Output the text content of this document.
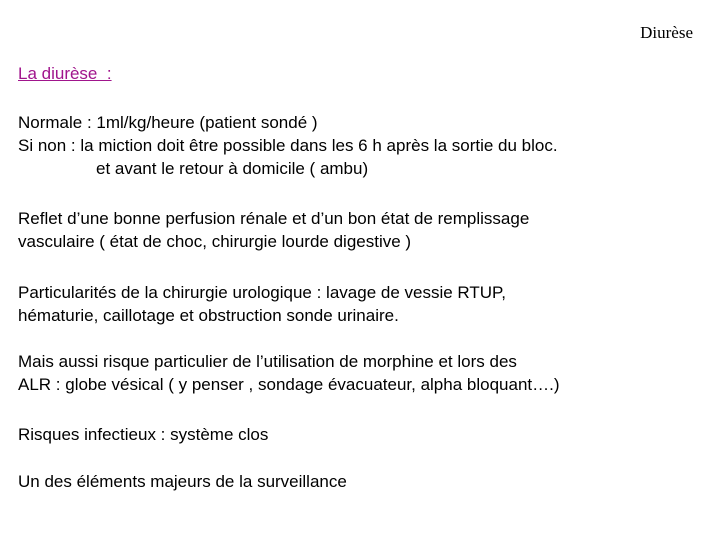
Diurèse
La diurèse  :
Normale : 1ml/kg/heure (patient sondé )
Si non : la miction doit être possible dans les 6 h après la sortie du bloc.
et avant le retour à domicile ( ambu)
Reflet d’une bonne perfusion rénale et d’un bon état de remplissage
vasculaire ( état de choc, chirurgie lourde digestive )
Particularités de la chirurgie urologique : lavage de vessie RTUP,
hématurie, caillotage et obstruction sonde urinaire.
Mais aussi risque particulier de l’utilisation de morphine et lors des
ALR : globe vésical ( y penser , sondage évacuateur, alpha bloquant….)
Risques infectieux : système clos
Un des éléments majeurs de la surveillance
